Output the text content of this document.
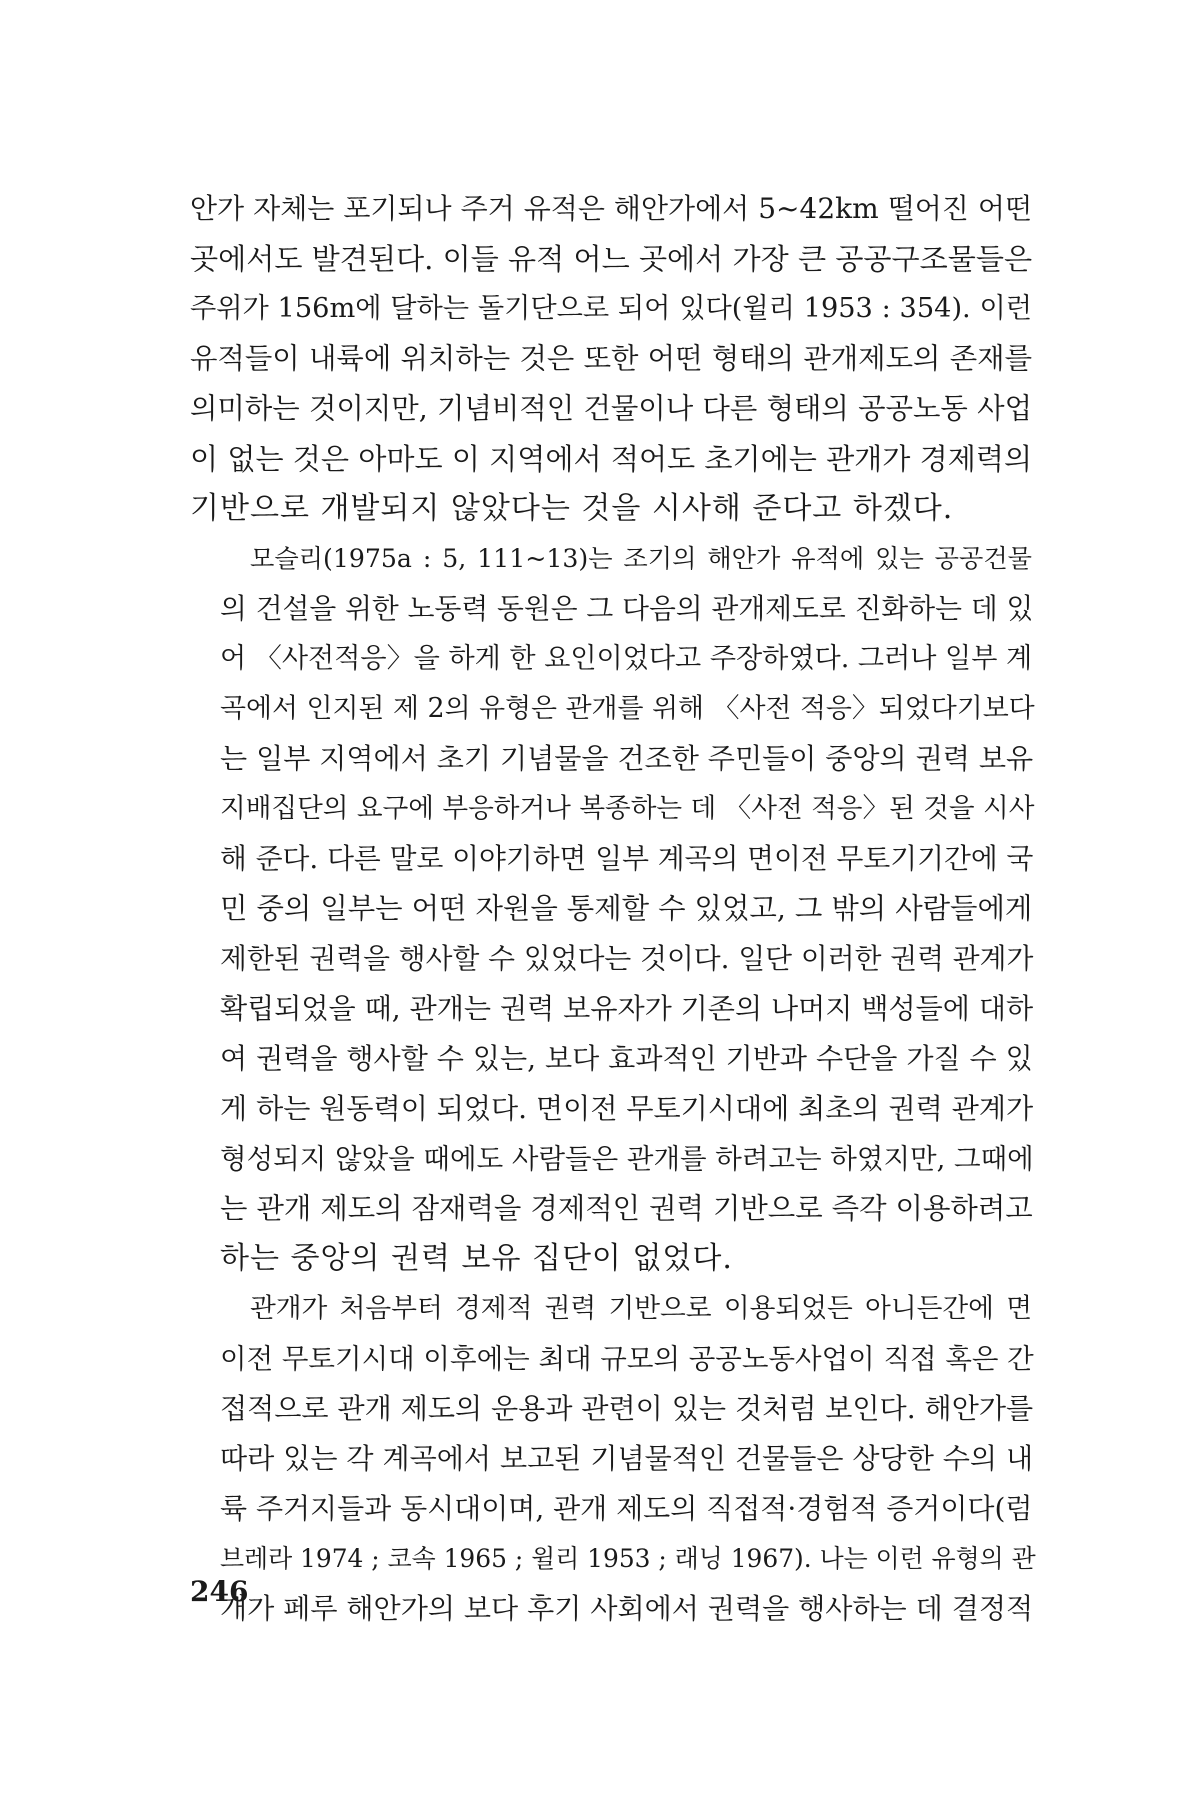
안가 자체는 포기되나 주거 유적은 해안가에서 5~42km 떨어진 어떤
곳에서도 발견된다. 이들 유적 어느 곳에서 가장 큰 공공구조물들은
주위가 156m에 달하는 돌기단으로 되어 있다(윌리 1953 : 354). 이런
유적들이 내륙에 위치하는 것은 또한 어떤 형태의 관개제도의 존재를
의미하는 것이지만, 기념비적인 건물이나 다른 형태의 공공노동 사업
이 없는 것은 아마도 이 지역에서 적어도 초기에는 관개가 경제력의
기반으로 개발되지 않았다는 것을 시사해 준다고 하겠다.
모슬리(1975a : 5, 111~13)는 조기의 해안가 유적에 있는 공공건물
의 건설을 위한 노동력 동원은 그 다음의 관개제도로 진화하는 데 있
어 〈사전적응〉을 하게 한 요인이었다고 주장하였다. 그러나 일부 계
곡에서 인지된 제 2의 유형은 관개를 위해 〈사전 적응〉되었다기보다
는 일부 지역에서 초기 기념물을 건조한 주민들이 중앙의 권력 보유
지배집단의 요구에 부응하거나 복종하는 데 〈사전 적응〉된 것을 시사
해 준다. 다른 말로 이야기하면 일부 계곡의 면이전 무토기기간에 국
민 중의 일부는 어떤 자원을 통제할 수 있었고, 그 밖의 사람들에게
제한된 권력을 행사할 수 있었다는 것이다. 일단 이러한 권력 관계가
확립되었을 때, 관개는 권력 보유자가 기존의 나머지 백성들에 대하
여 권력을 행사할 수 있는, 보다 효과적인 기반과 수단을 가질 수 있
게 하는 원동력이 되었다. 면이전 무토기시대에 최초의 권력 관계가
형성되지 않았을 때에도 사람들은 관개를 하려고는 하였지만, 그때에
는 관개 제도의 잠재력을 경제적인 권력 기반으로 즉각 이용하려고
하는 중앙의 권력 보유 집단이 없었다.
관개가 처음부터 경제적 권력 기반으로 이용되었든 아니든간에 면
이전 무토기시대 이후에는 최대 규모의 공공노동사업이 직접 혹은 간
접적으로 관개 제도의 운용과 관련이 있는 것처럼 보인다. 해안가를
따라 있는 각 계곡에서 보고된 기념물적인 건물들은 상당한 수의 내
륙 주거지들과 동시대이며, 관개 제도의 직접적·경험적 증거이다(럼
브레라 1974 ; 코속 1965 ; 윌리 1953 ; 래닝 1967). 나는 이런 유형의 관
개가 페루 해안가의 보다 후기 사회에서 권력을 행사하는 데 결정적
246
